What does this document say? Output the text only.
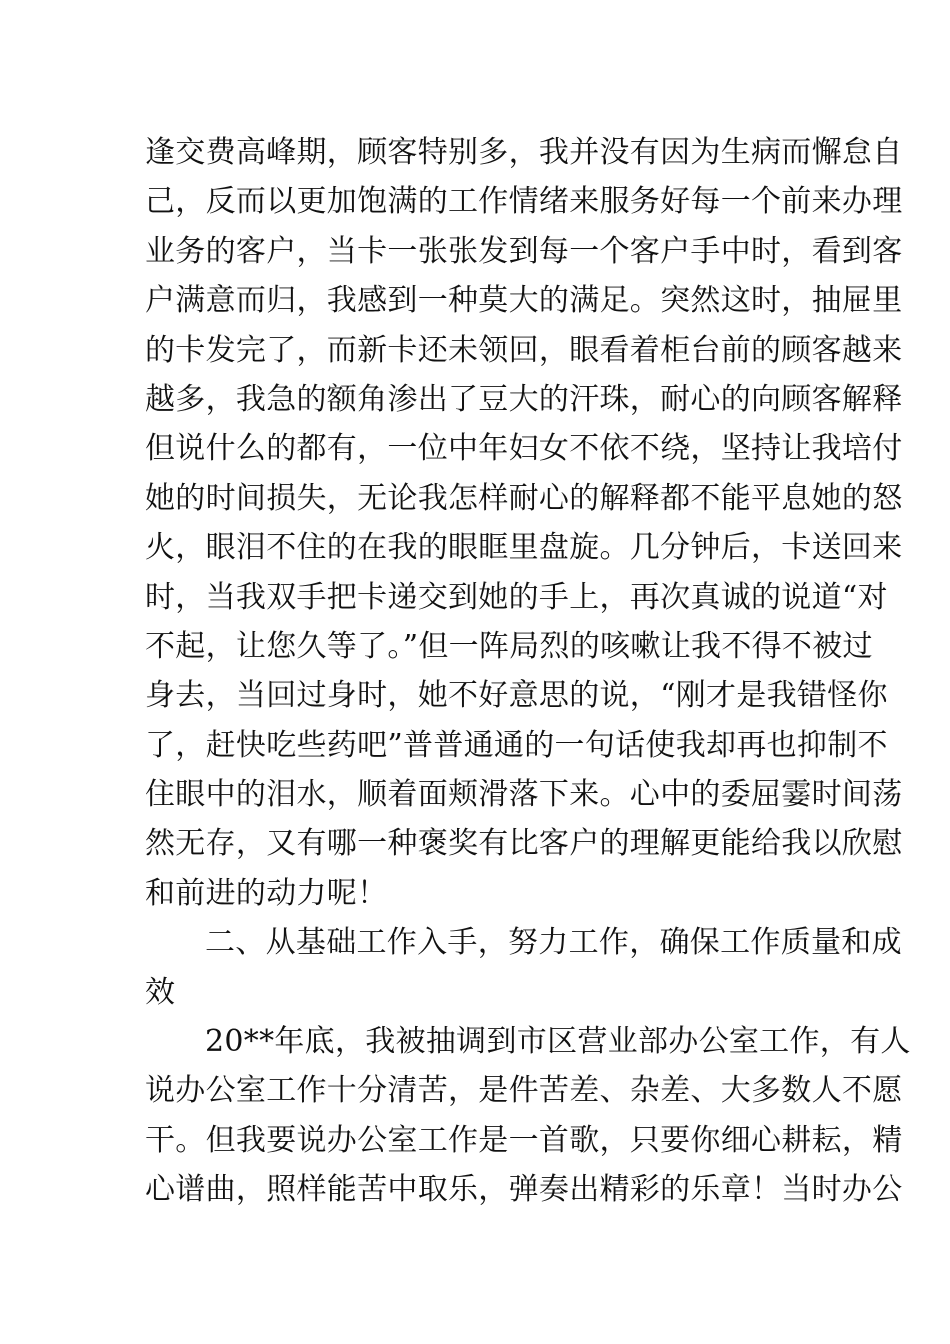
逢交费高峰期，顾客特别多，我并没有因为生病而懈怠自
己，反而以更加饱满的工作情绪来服务好每一个前来办理
业务的客户，当卡一张张发到每一个客户手中时，看到客
户满意而归，我感到一种莫大的满足。突然这时，抽屉里
的卡发完了，而新卡还未领回，眼看着柜台前的顾客越来
越多，我急的额角渗出了豆大的汗珠，耐心的向顾客解释
但说什么的都有，一位中年妇女不依不绕，坚持让我培付
她的时间损失，无论我怎样耐心的解释都不能平息她的怒
火，眼泪不住的在我的眼眶里盘旋。几分钟后，卡送回来
时，当我双手把卡递交到她的手上，再次真诚的说道“对
不起，让您久等了。”但一阵局烈的咳嗽让我不得不被过
身去，当回过身时，她不好意思的说，“刚才是我错怪你
了，赶快吃些药吧”普普通通的一句话使我却再也抑制不
住眼中的泪水，顺着面颊滑落下来。心中的委屈霎时间荡
然无存，又有哪一种褒奖有比客户的理解更能给我以欣慰
和前进的动力呢！
二、从基础工作入手，努力工作，确保工作质量和成
效
20**年底，我被抽调到市区营业部办公室工作，有人
说办公室工作十分清苦，是件苦差、杂差、大多数人不愿
干。但我要说办公室工作是一首歌，只要你细心耕耘，精
心谱曲，照样能苦中取乐，弹奏出精彩的乐章！当时办公
